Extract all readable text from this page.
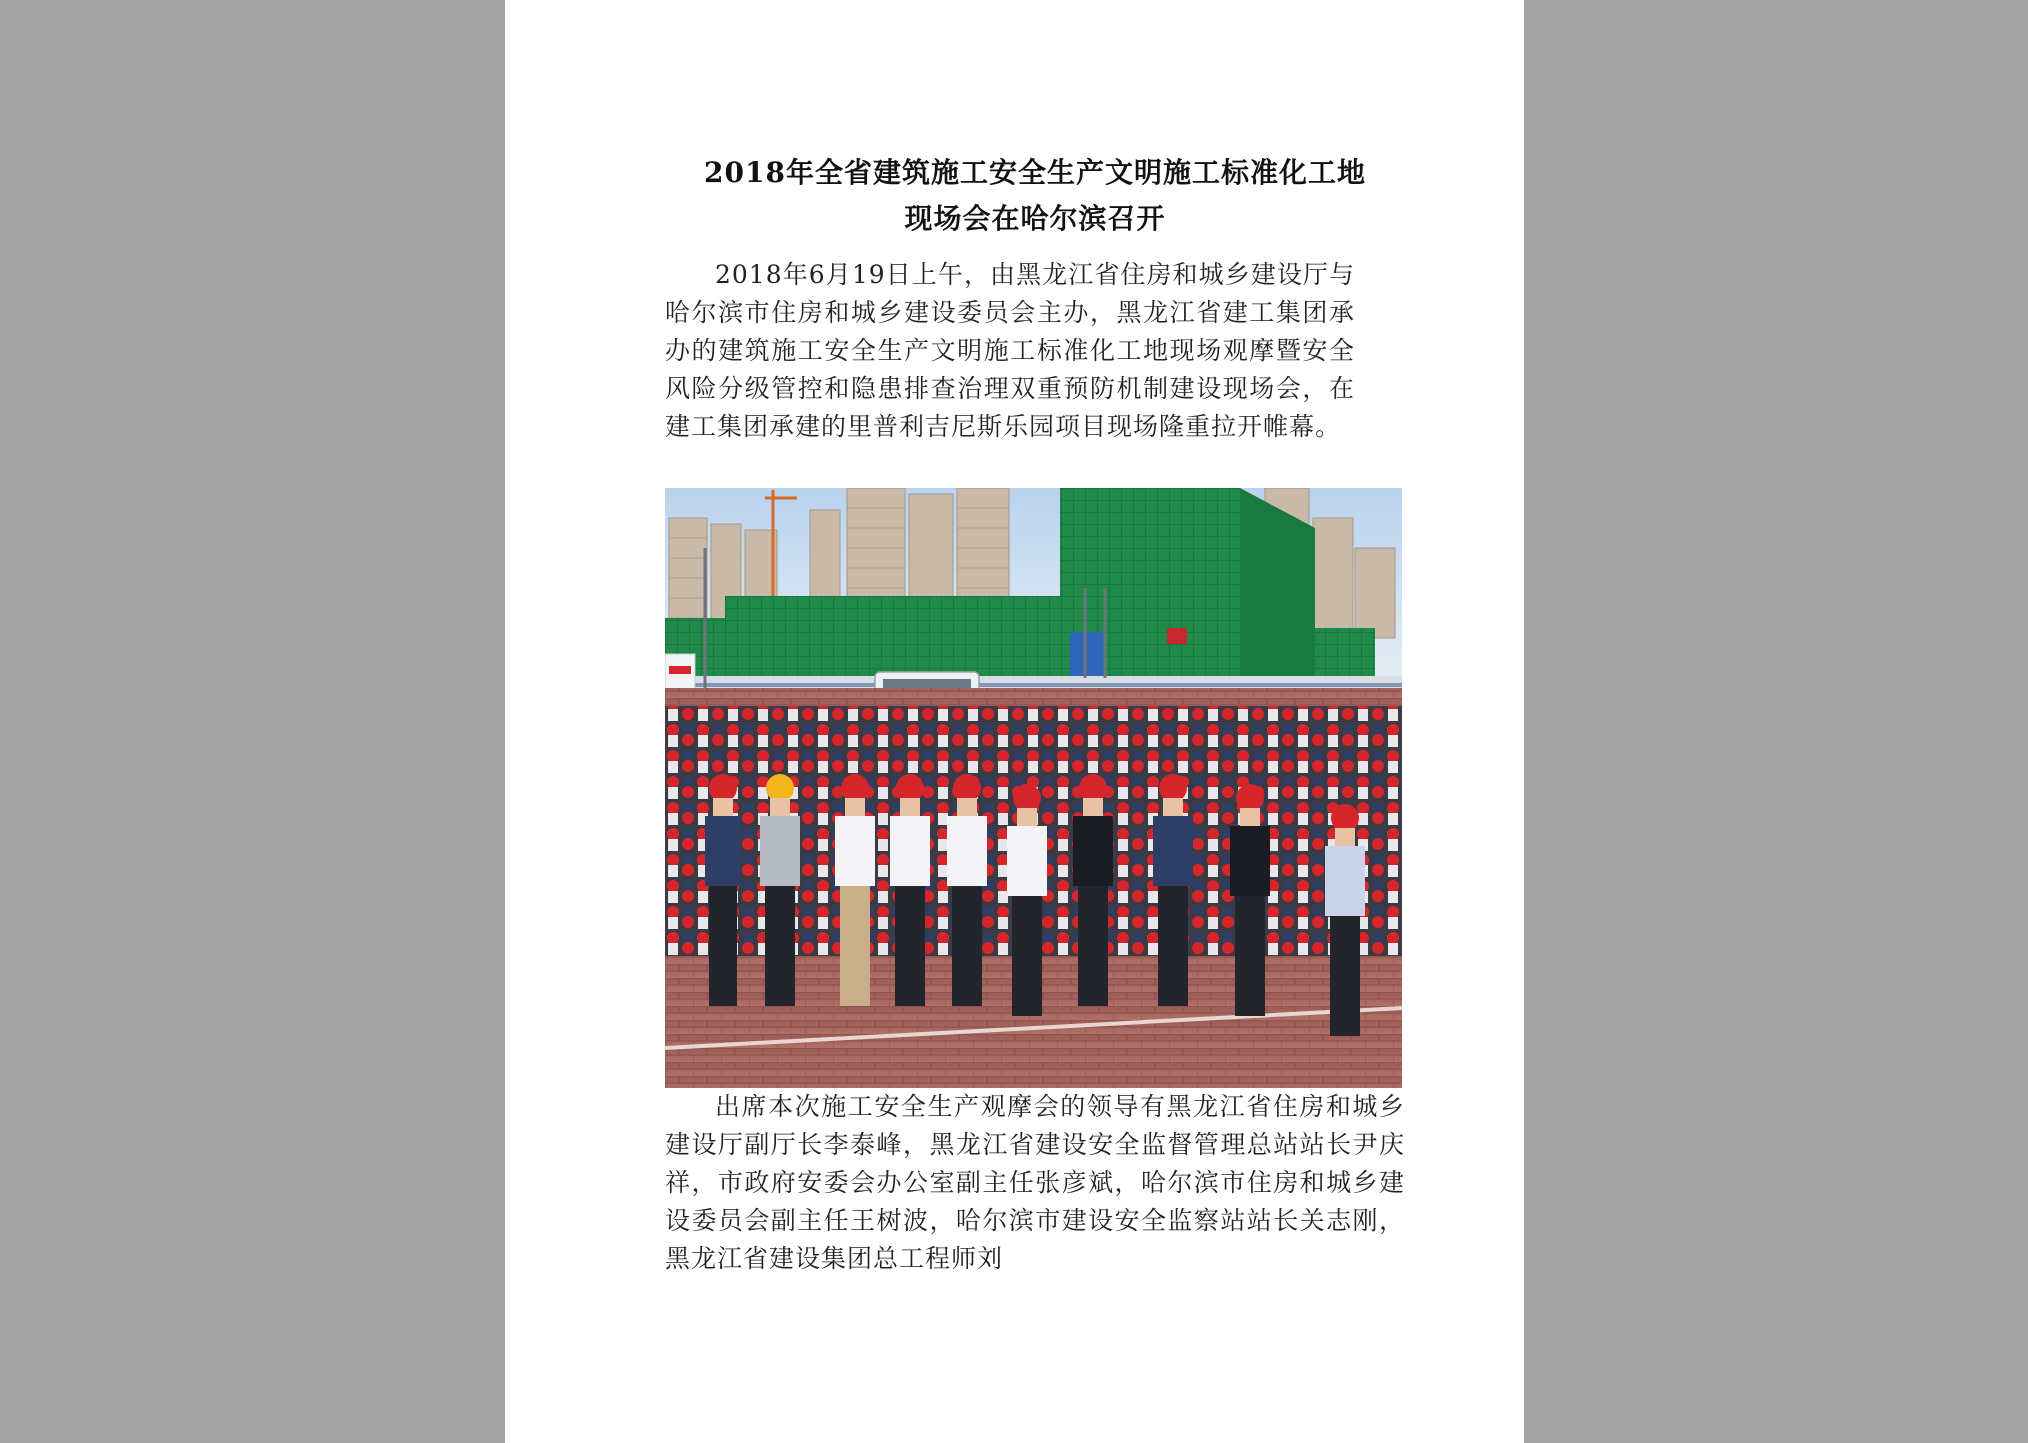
2018年全省建筑施工安全生产文明施工标准化工地
现场会在哈尔滨召开

2018年6月19日上午，由黑龙江省住房和城乡建设厅与哈尔滨市住房和城乡建设委员会主办，黑龙江省建工集团承办的建筑施工安全生产文明施工标准化工地现场观摩暨安全风险分级管控和隐患排查治理双重预防机制建设现场会，在建工集团承建的里普利吉尼斯乐园项目现场隆重拉开帷幕。

出席本次施工安全生产观摩会的领导有黑龙江省住房和城乡建设厅副厅长李泰峰，黑龙江省建设安全监督管理总站站长尹庆祥，市政府安委会办公室副主任张彦斌，哈尔滨市住房和城乡建设委员会副主任王树波，哈尔滨市建设安全监察站站长关志刚，黑龙江省建设集团总工程师刘
